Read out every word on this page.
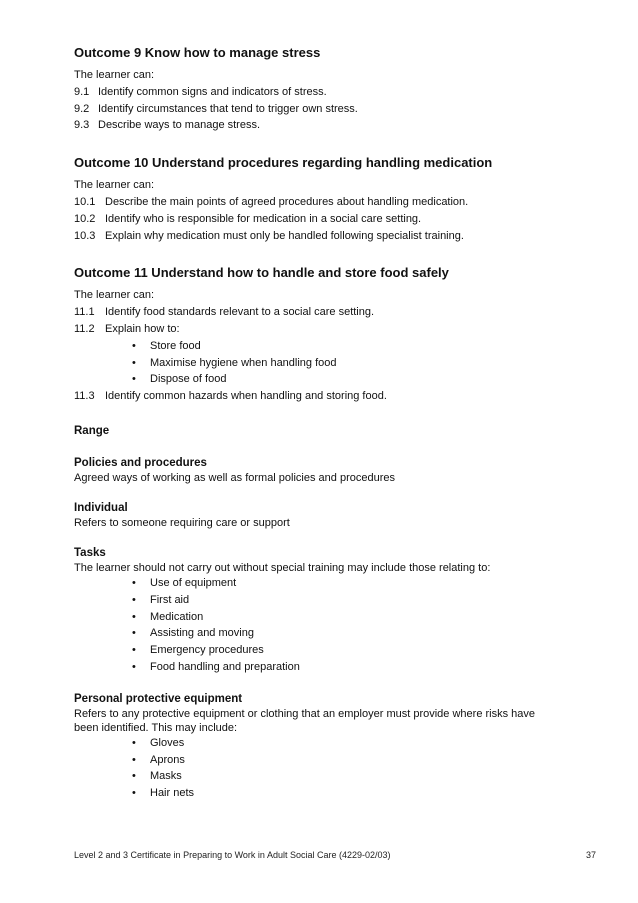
Outcome 9 Know how to manage stress
The learner can:
9.1 Identify common signs and indicators of stress.
9.2 Identify circumstances that tend to trigger own stress.
9.3 Describe ways to manage stress.
Outcome 10 Understand procedures regarding handling medication
The learner can:
10.1 Describe the main points of agreed procedures about handling medication.
10.2 Identify who is responsible for medication in a social care setting.
10.3 Explain why medication must only be handled following specialist training.
Outcome 11 Understand how to handle and store food safely
The learner can:
11.1 Identify food standards relevant to a social care setting.
11.2 Explain how to:
• Store food
• Maximise hygiene when handling food
• Dispose of food
11.3 Identify common hazards when handling and storing food.
Range
Policies and procedures
Agreed ways of working as well as formal policies and procedures
Individual
Refers to someone requiring care or support
Tasks
The learner should not carry out without special training may include those relating to:
• Use of equipment
• First aid
• Medication
• Assisting and moving
• Emergency procedures
• Food handling and preparation
Personal protective equipment
Refers to any protective equipment or clothing that an employer must provide where risks have
been identified. This may include:
• Gloves
• Aprons
• Masks
• Hair nets
Level 2 and 3 Certificate in Preparing to Work in Adult Social Care (4229-02/03)	37
